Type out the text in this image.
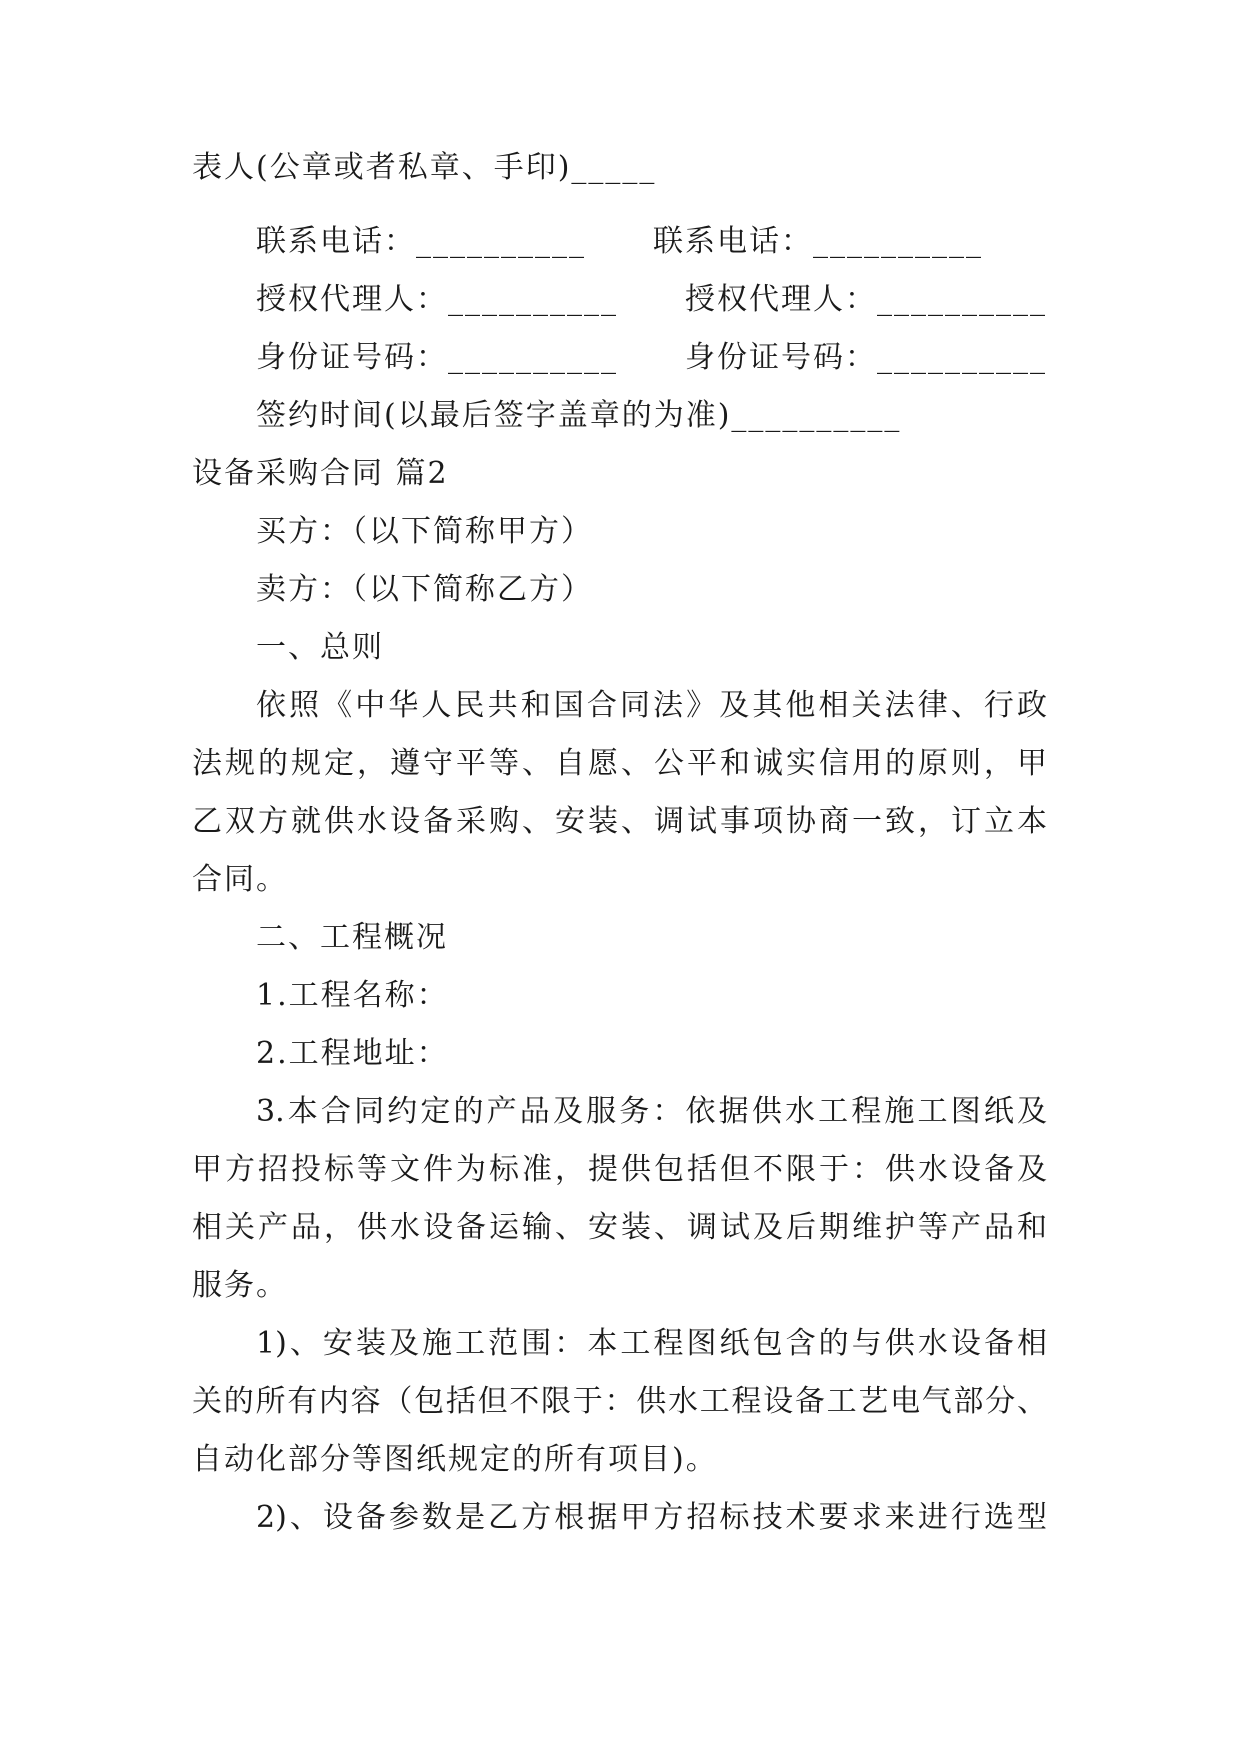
表人(公章或者私章、手印)_____
联系电话：__________ 联系电话：__________
授权代理人：__________ 授权代理人：__________
身份证号码：__________ 身份证号码：__________
签约时间(以最后签字盖章的为准)__________
设备采购合同 篇2
买方：（以下简称甲方）
卖方：（以下简称乙方）
一、总则
依照《中华人民共和国合同法》及其他相关法律、行政
法规的规定，遵守平等、自愿、公平和诚实信用的原则，甲
乙双方就供水设备采购、安装、调试事项协商一致，订立本
合同。
二、工程概况
1.工程名称：
2.工程地址：
3.本合同约定的产品及服务：依据供水工程施工图纸及
甲方招投标等文件为标准，提供包括但不限于：供水设备及
相关产品，供水设备运输、安装、调试及后期维护等产品和
服务。
1)、安装及施工范围：本工程图纸包含的与供水设备相
关的所有内容（包括但不限于：供水工程设备工艺电气部分、
自动化部分等图纸规定的所有项目)。
2)、设备参数是乙方根据甲方招标技术要求来进行选型
